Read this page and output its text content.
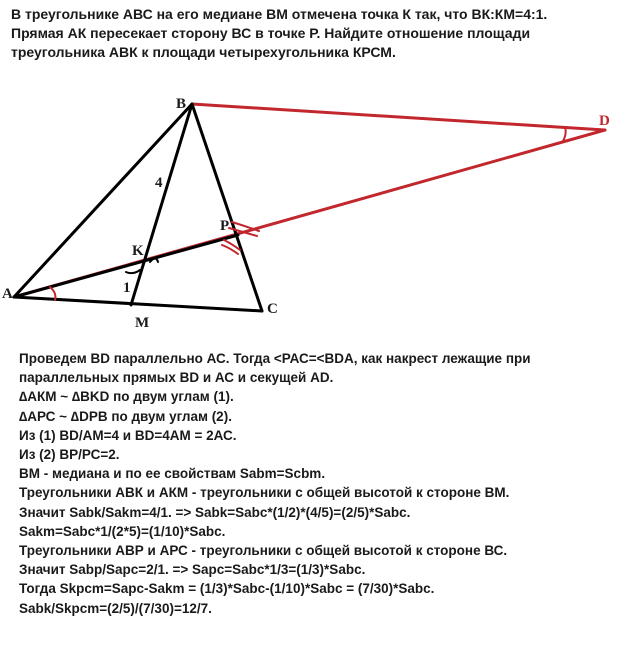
В треугольнике АВС на его медиане ВМ отмечена точка К так, что ВК:КМ=4:1.
Прямая АК пересекает сторону ВС в точке Р. Найдите отношение площади
треугольника АВК к площади четырехугольника КРСМ.
A
B
C
D
K
M
P
4
1
Проведем ВD параллельно АС. Тогда <РАС=<ВDА, как накрест лежащие при
параллельных прямых ВD и АС и секущей АD.
∆АКМ ~ ∆ВKD по двум углам (1).
∆АРС ~ ∆DРВ по двум углам (2).
Из (1) ВD/АМ=4 и ВD=4АМ = 2АС.
Из (2) ВР/РС=2.
ВМ - медиана и по ее свойствам Sabm=Scbm.
Треугольники АВК и АКМ - треугольники с общей высотой к стороне ВМ.
Значит Sabk/Sakm=4/1. => Sabk=Sabc*(1/2)*(4/5)=(2/5)*Sabc.
Sakm=Sabc*1/(2*5)=(1/10)*Sabc.
Треугольники АВР и АРС - треугольники с общей высотой к стороне ВС.
Значит Sabp/Sapc=2/1. => Sapc=Sabc*1/3=(1/3)*Sabc.
Тогда Skpcm=Sapc-Sakm = (1/3)*Sabc-(1/10)*Sabc = (7/30)*Sabc.
Sabk/Skpcm=(2/5)/(7/30)=12/7.
